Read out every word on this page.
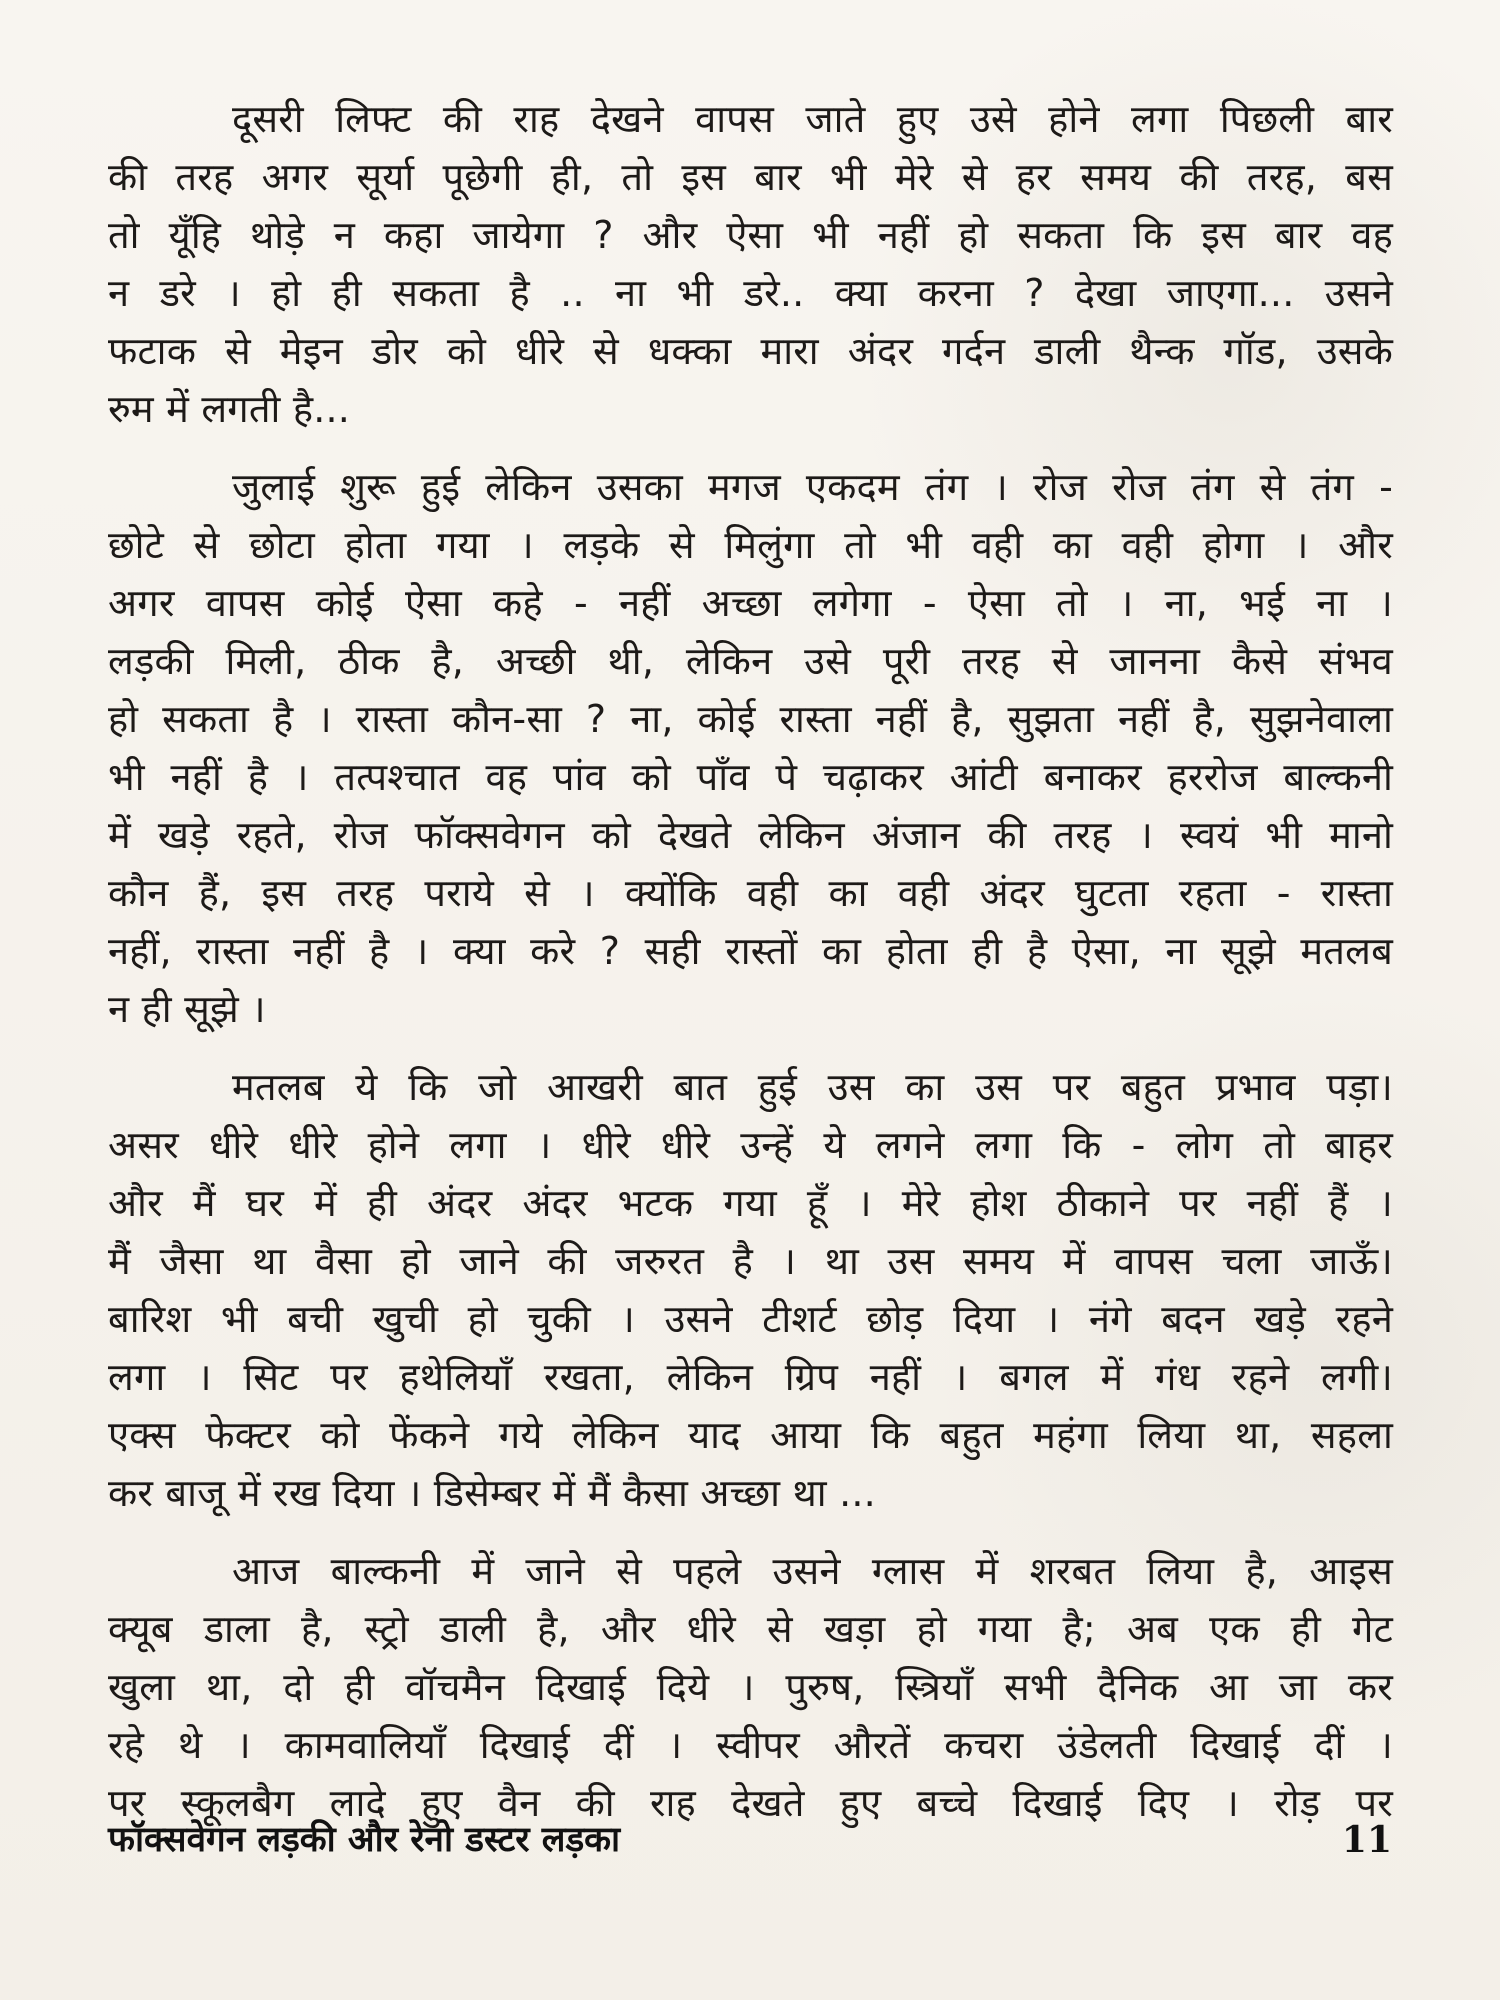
दूसरी लिफ्ट की राह देखने वापस जाते हुए उसे होने लगा पिछली बार
की तरह अगर सूर्या पूछेगी ही, तो इस बार भी मेरे से हर समय की तरह, बस
तो यूँहि थोड़े न कहा जायेगा ? और ऐसा भी नहीं हो सकता कि इस बार वह
न डरे । हो ही सकता है .. ना भी डरे.. क्या करना ? देखा जाएगा... उसने
फटाक से मेइन डोर को धीरे से धक्का मारा अंदर गर्दन डाली थैन्क गॉड, उसके
रुम में लगती है...
जुलाई शुरू हुई लेकिन उसका मगज एकदम तंग । रोज रोज तंग से तंग -
छोटे से छोटा होता गया । लड़के से मिलुंगा तो भी वही का वही होगा । और
अगर वापस कोई ऐसा कहे - नहीं अच्छा लगेगा - ऐसा तो । ना, भई ना ।
लड़की मिली, ठीक है, अच्छी थी, लेकिन उसे पूरी तरह से जानना कैसे संभव
हो सकता है । रास्ता कौन-सा ? ना, कोई रास्ता नहीं है, सुझता नहीं है, सुझनेवाला
भी नहीं है । तत्पश्चात वह पांव को पाँव पे चढ़ाकर आंटी बनाकर हररोज बाल्कनी
में खड़े रहते, रोज फॉक्सवेगन को देखते लेकिन अंजान की तरह । स्वयं भी मानो
कौन हैं, इस तरह पराये से । क्योंकि वही का वही अंदर घुटता रहता - रास्ता
नहीं, रास्ता नहीं है । क्या करे ? सही रास्तों का होता ही है ऐसा, ना सूझे मतलब
न ही सूझे ।
मतलब ये कि जो आखरी बात हुई उस का उस पर बहुत प्रभाव पड़ा।
असर धीरे धीरे होने लगा । धीरे धीरे उन्हें ये लगने लगा कि - लोग तो बाहर
और मैं घर में ही अंदर अंदर भटक गया हूँ । मेरे होश ठीकाने पर नहीं हैं ।
मैं जैसा था वैसा हो जाने की जरुरत है । था उस समय में वापस चला जाऊँ।
बारिश भी बची खुची हो चुकी । उसने टीशर्ट छोड़ दिया । नंगे बदन खड़े रहने
लगा । सिट पर हथेलियाँ रखता, लेकिन ग्रिप नहीं । बगल में गंध रहने लगी।
एक्स फेक्टर को फेंकने गये लेकिन याद आया कि बहुत महंगा लिया था, सहला
कर बाजू में रख दिया । डिसेम्बर में मैं कैसा अच्छा था ...
आज बाल्कनी में जाने से पहले उसने ग्लास में शरबत लिया है, आइस
क्यूब डाला है, स्ट्रो डाली है, और धीरे से खड़ा हो गया है; अब एक ही गेट
खुला था, दो ही वॉचमैन दिखाई दिये । पुरुष, स्त्रियाँ सभी दैनिक आ जा कर
रहे थे । कामवालियाँ दिखाई दीं । स्वीपर औरतें कचरा उंडेलती दिखाई दीं ।
पर स्कूलबैग लादे हुए वैन की राह देखते हुए बच्चे दिखाई दिए । रोड़ पर
फॉक्सवेगन लड़की और रेनो डस्टर लड़का	11
